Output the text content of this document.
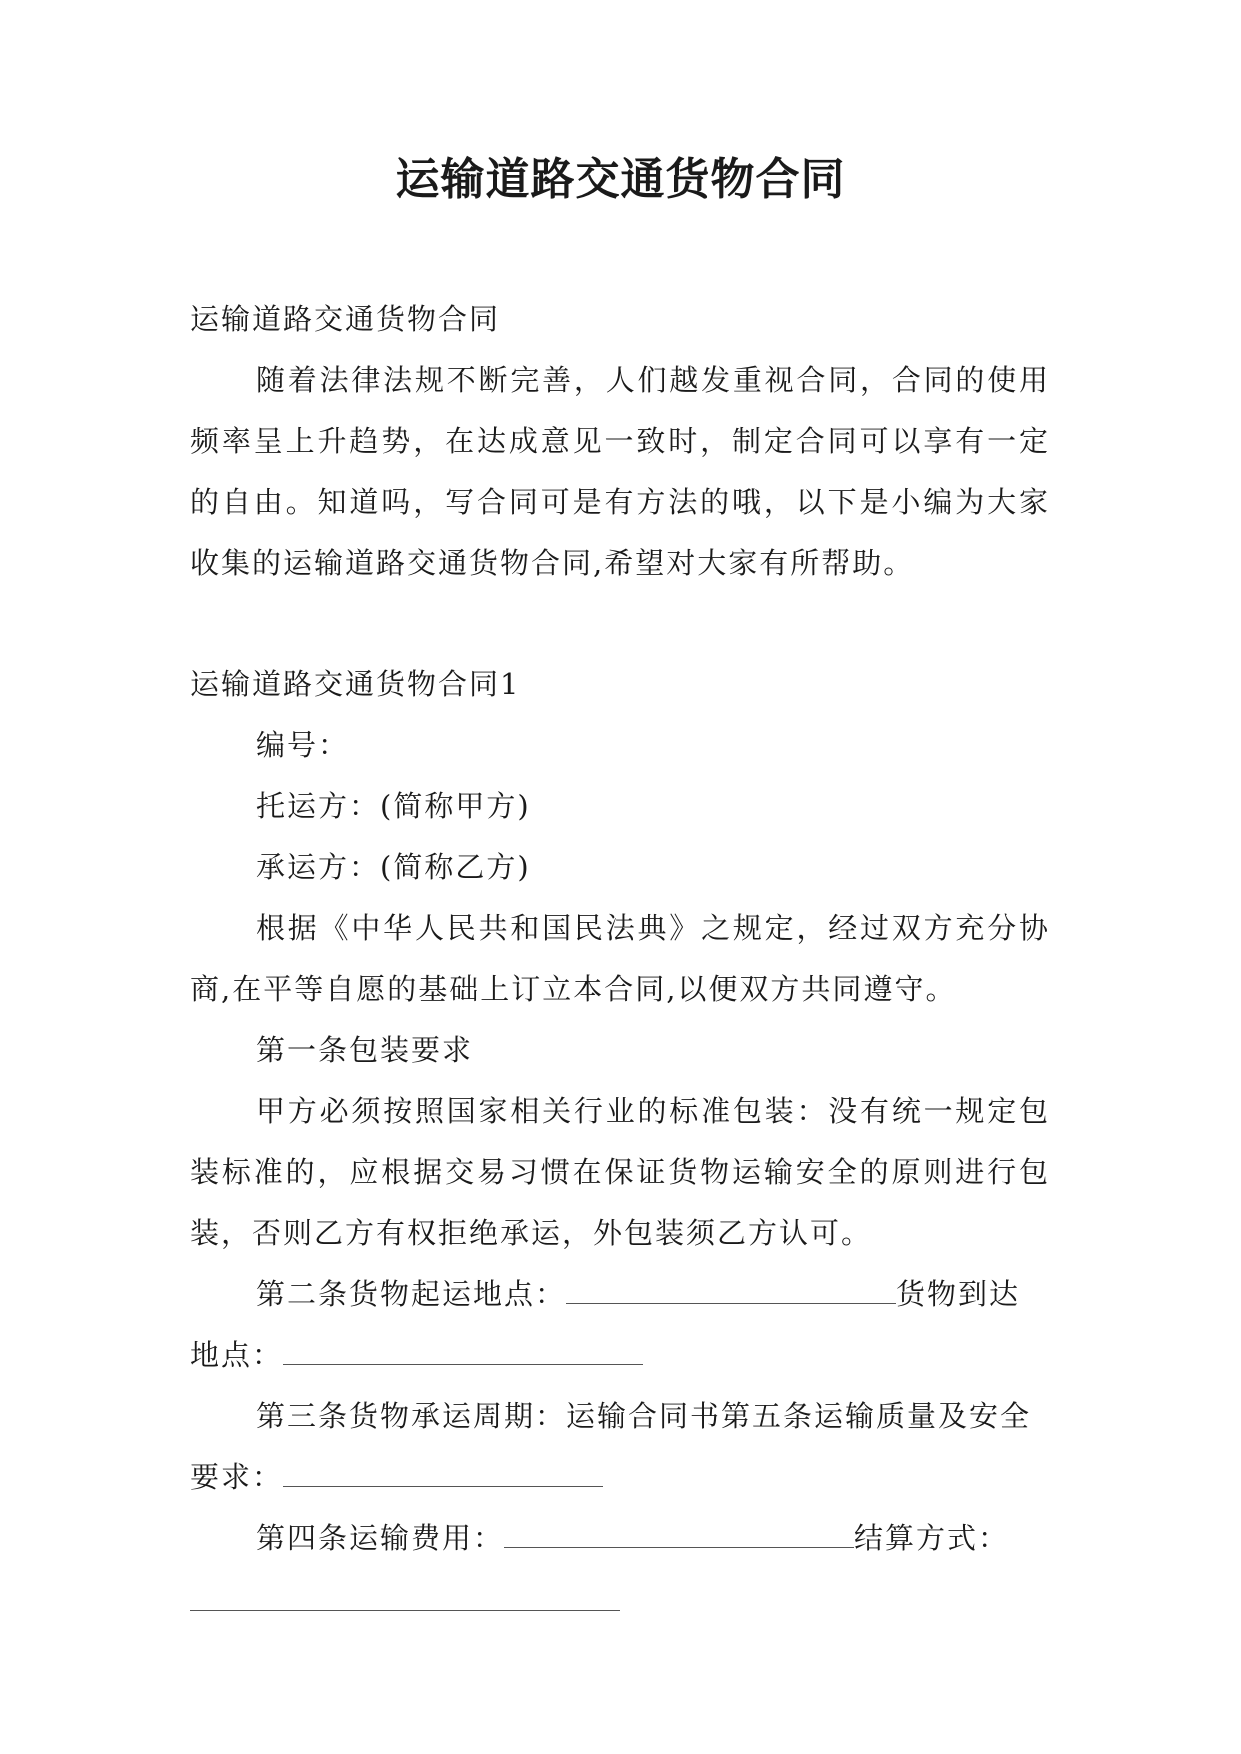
运输道路交通货物合同

运输道路交通货物合同

随着法律法规不断完善，人们越发重视合同，合同的使用频率呈上升趋势，在达成意见一致时，制定合同可以享有一定的自由。知道吗，写合同可是有方法的哦，以下是小编为大家收集的运输道路交通货物合同,希望对大家有所帮助。

运输道路交通货物合同1

编号：

托运方：(简称甲方)

承运方：(简称乙方)

根据《中华人民共和国民法典》之规定，经过双方充分协商,在平等自愿的基础上订立本合同,以便双方共同遵守。

第一条包装要求

甲方必须按照国家相关行业的标准包装：没有统一规定包装标准的，应根据交易习惯在保证货物运输安全的原则进行包装，否则乙方有权拒绝承运，外包装须乙方认可。

第二条货物起运地点：	货物到达地点：

第三条货物承运周期：运输合同书第五条运输质量及安全要求：

第四条运输费用：	结算方式：
